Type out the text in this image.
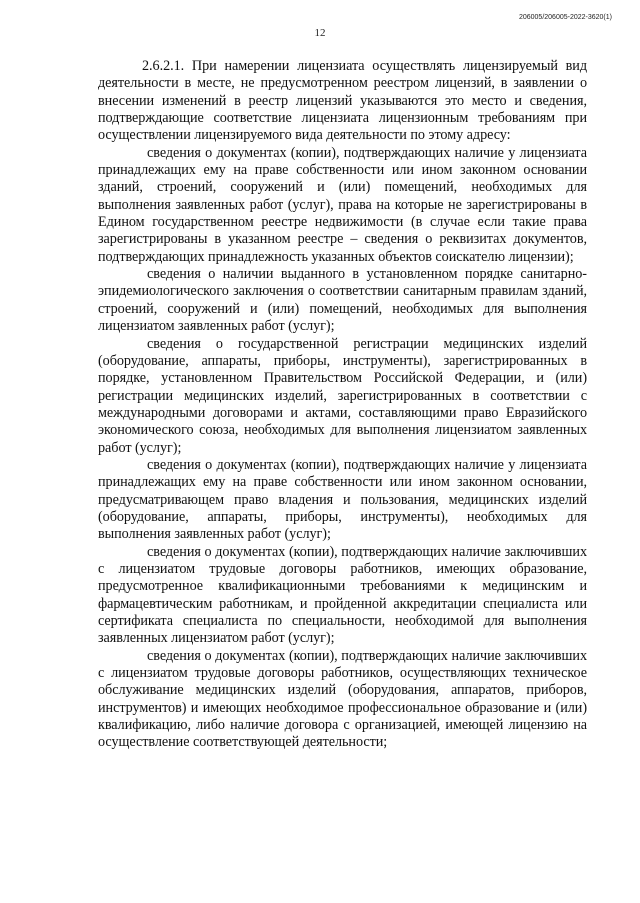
206005/206005-2022-3620(1)
12

2.6.2.1. При намерении лицензиата осуществлять лицензируемый вид деятельности в месте, не предусмотренном реестром лицензий, в заявлении о внесении изменений в реестр лицензий указываются это место и сведения, подтверждающие соответствие лицензиата лицензионным требованиям при осуществлении лицензируемого вида деятельности по этому адресу:

сведения о документах (копии), подтверждающих наличие у лицензиата принадлежащих ему на праве собственности или ином законном основании зданий, строений, сооружений и (или) помещений, необходимых для выполнения заявленных работ (услуг), права на которые не зарегистрированы в Едином государственном реестре недвижимости (в случае если такие права зарегистрированы в указанном реестре – сведения о реквизитах документов, подтверждающих принадлежность указанных объектов соискателю лицензии);

сведения о наличии выданного в установленном порядке санитарно-эпидемиологического заключения о соответствии санитарным правилам зданий, строений, сооружений и (или) помещений, необходимых для выполнения лицензиатом заявленных работ (услуг);

сведения о государственной регистрации медицинских изделий (оборудование, аппараты, приборы, инструменты), зарегистрированных в порядке, установленном Правительством Российской Федерации, и (или) регистрации медицинских изделий, зарегистрированных в соответствии с международными договорами и актами, составляющими право Евразийского экономического союза, необходимых для выполнения лицензиатом заявленных работ (услуг);

сведения о документах (копии), подтверждающих наличие у лицензиата принадлежащих ему на праве собственности или ином законном основании, предусматривающем право владения и пользования, медицинских изделий (оборудование, аппараты, приборы, инструменты), необходимых для выполнения заявленных работ (услуг);

сведения о документах (копии), подтверждающих наличие заключивших с лицензиатом трудовые договоры работников, имеющих образование, предусмотренное квалификационными требованиями к медицинским и фармацевтическим работникам, и пройденной аккредитации специалиста или сертификата специалиста по специальности, необходимой для выполнения заявленных лицензиатом работ (услуг);

сведения о документах (копии), подтверждающих наличие заключивших с лицензиатом трудовые договоры работников, осуществляющих техническое обслуживание медицинских изделий (оборудования, аппаратов, приборов, инструментов) и имеющих необходимое профессиональное образование и (или) квалификацию, либо наличие договора с организацией, имеющей лицензию на осуществление соответствующей деятельности;
